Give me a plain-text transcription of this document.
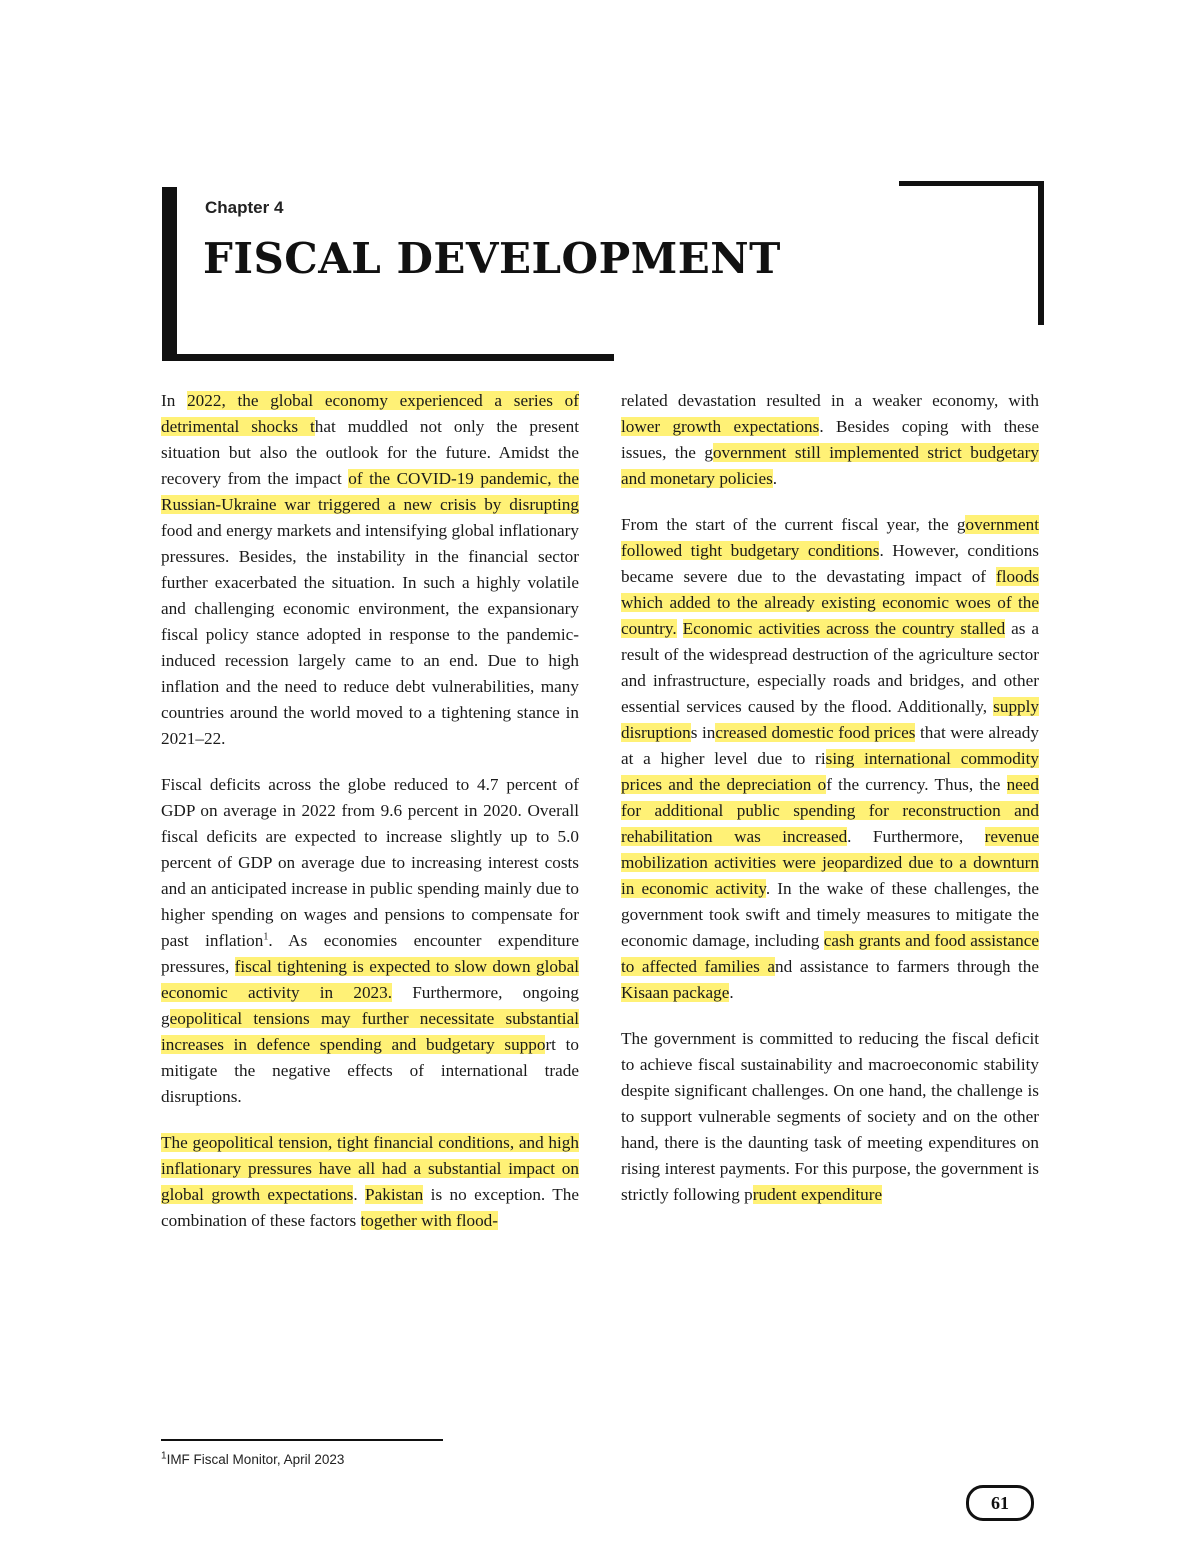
Chapter 4
FISCAL DEVELOPMENT

In 2022, the global economy experienced a series of detrimental shocks that muddled not only the present situation but also the outlook for the future. Amidst the recovery from the impact of the COVID-19 pandemic, the Russian-Ukraine war triggered a new crisis by disrupting food and energy markets and intensifying global inflationary pressures. Besides, the instability in the financial sector further exacerbated the situation. In such a highly volatile and challenging economic environment, the expansionary fiscal policy stance adopted in response to the pandemic-induced recession largely came to an end. Due to high inflation and the need to reduce debt vulnerabilities, many countries around the world moved to a tightening stance in 2021–22.

Fiscal deficits across the globe reduced to 4.7 percent of GDP on average in 2022 from 9.6 percent in 2020. Overall fiscal deficits are expected to increase slightly up to 5.0 percent of GDP on average due to increasing interest costs and an anticipated increase in public spending mainly due to higher spending on wages and pensions to compensate for past inflation$^1$. As economies encounter expenditure pressures, fiscal tightening is expected to slow down global economic activity in 2023. Furthermore, ongoing geopolitical tensions may further necessitate substantial increases in defence spending and budgetary support to mitigate the negative effects of international trade disruptions.

The geopolitical tension, tight financial conditions, and high inflationary pressures have all had a substantial impact on global growth expectations. Pakistan is no exception. The combination of these factors together with flood-

related devastation resulted in a weaker economy, with lower growth expectations. Besides coping with these issues, the government still implemented strict budgetary and monetary policies.

From the start of the current fiscal year, the government followed tight budgetary conditions. However, conditions became severe due to the devastating impact of floods which added to the already existing economic woes of the country. Economic activities across the country stalled as a result of the widespread destruction of the agriculture sector and infrastructure, especially roads and bridges, and other essential services caused by the flood. Additionally, supply disruptions increased domestic food prices that were already at a higher level due to rising international commodity prices and the depreciation of the currency. Thus, the need for additional public spending for reconstruction and rehabilitation was increased. Furthermore, revenue mobilization activities were jeopardized due to a downturn in economic activity. In the wake of these challenges, the government took swift and timely measures to mitigate the economic damage, including cash grants and food assistance to affected families and assistance to farmers through the Kisaan package.

The government is committed to reducing the fiscal deficit to achieve fiscal sustainability and macroeconomic stability despite significant challenges. On one hand, the challenge is to support vulnerable segments of society and on the other hand, there is the daunting task of meeting expenditures on rising interest payments. For this purpose, the government is strictly following prudent expenditure

$^1$IMF Fiscal Monitor, April 2023
61
